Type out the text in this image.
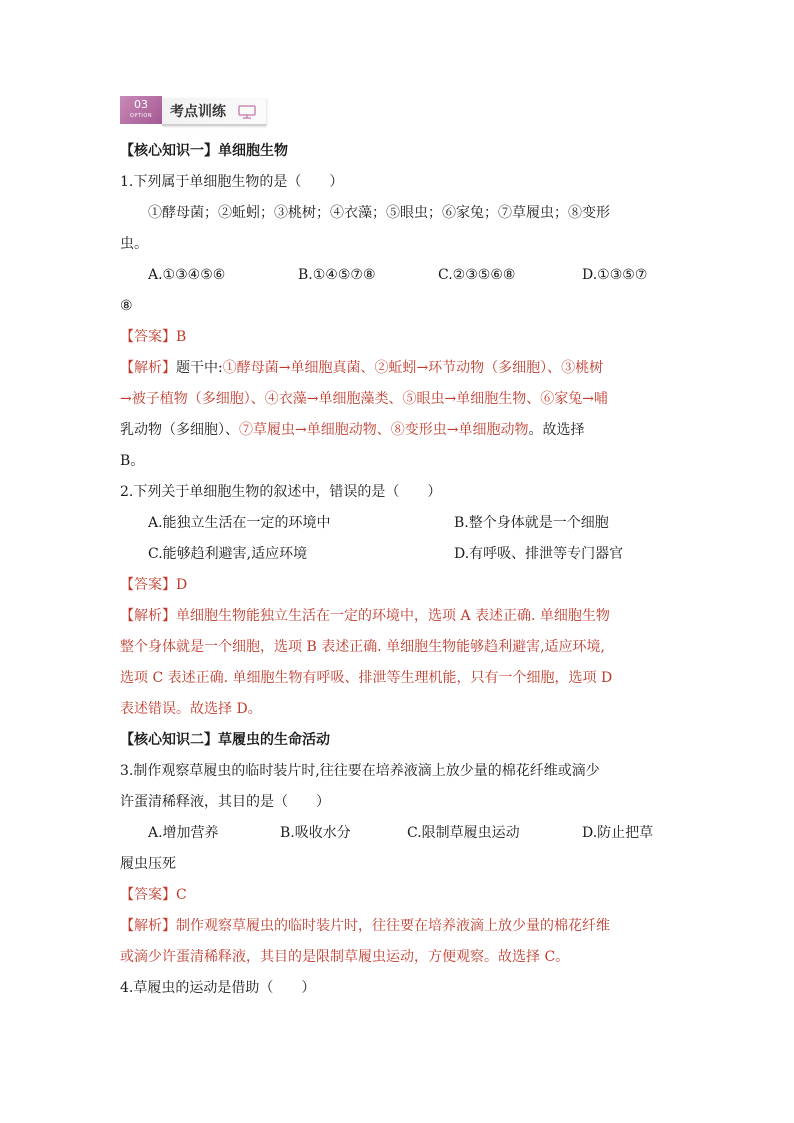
03
OPTION	考点训练
【核心知识一】单细胞生物
1.下列属于单细胞生物的是（　　）
①酵母菌；②蚯蚓；③桃树；④衣藻；⑤眼虫；⑥家兔；⑦草履虫；⑧变形
虫。
A.①③④⑤⑥	B.①④⑤⑦⑧	C.②③⑤⑥⑧	D.①③⑤⑦
⑧
【答案】B
【解析】题干中:①酵母菌→单细胞真菌、②蚯蚓→环节动物（多细胞）、③桃树
→被子植物（多细胞）、④衣藻→单细胞藻类、⑤眼虫→单细胞生物、⑥家兔→哺
乳动物（多细胞）、⑦草履虫→单细胞动物、⑧变形虫→单细胞动物。故选择
B。
2.下列关于单细胞生物的叙述中，错误的是（　　）
A.能独立生活在一定的环境中	B.整个身体就是一个细胞
C.能够趋利避害,适应环境	D.有呼吸、排泄等专门器官
【答案】D
【解析】单细胞生物能独立生活在一定的环境中，选项 A 表述正确. 单细胞生物
整个身体就是一个细胞，选项 B 表述正确. 单细胞生物能够趋利避害,适应环境,
选项 C 表述正确. 单细胞生物有呼吸、排泄等生理机能，只有一个细胞，选项 D
表述错误。故选择 D。
【核心知识二】草履虫的生命活动
3.制作观察草履虫的临时装片时,往往要在培养液滴上放少量的棉花纤维或滴少
许蛋清稀释液，其目的是（　　）
A.增加营养	B.吸收水分	C.限制草履虫运动	D.防止把草
履虫压死
【答案】C
【解析】制作观察草履虫的临时装片时，往往要在培养液滴上放少量的棉花纤维
或滴少许蛋清稀释液，其目的是限制草履虫运动，方便观察。故选择 C。
4.草履虫的运动是借助（　　）
